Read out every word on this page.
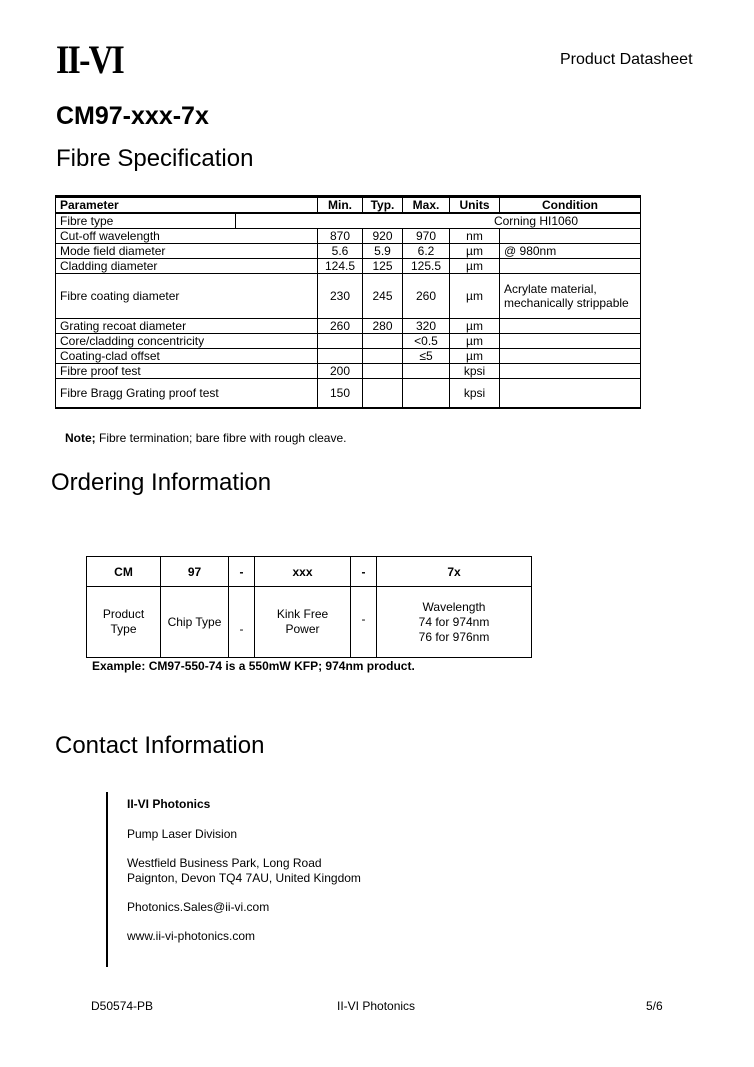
II-VI	Product Datasheet
CM97-xxx-7x
Fibre Specification
Parameter		Min.	Typ.	Max.	Units	Condition
Fibre type	Corning HI1060					
Cut-off wavelength		870	920	970	nm	
Mode field diameter		5.6	5.9	6.2	µm	@ 980nm
Cladding diameter		124.5	125	125.5	µm	
Fibre coating diameter		230	245	260	µm	Acrylate material, mechanically strippable
Grating recoat diameter		260	280	320	µm	
Core/cladding concentricity				<0.5	µm	
Coating-clad offset				≤5	µm	
Fibre proof test		200			kpsi	
Fibre Bragg Grating proof test		150			kpsi	
Note; Fibre termination; bare fibre with rough cleave.
Ordering Information
CM	97	-	xxx	-	7x
Product Type	Chip Type	-	Kink Free Power	-	Wavelength
74 for 974nm
76 for 976nm
Example: CM97-550-74 is a 550mW KFP; 974nm product.
Contact Information
II-VI Photonics
Pump Laser Division
Westfield Business Park, Long Road
Paignton, Devon TQ4 7AU, United Kingdom
Photonics.Sales@ii-vi.com
www.ii-vi-photonics.com
D50574-PB	II-VI Photonics	5/6
